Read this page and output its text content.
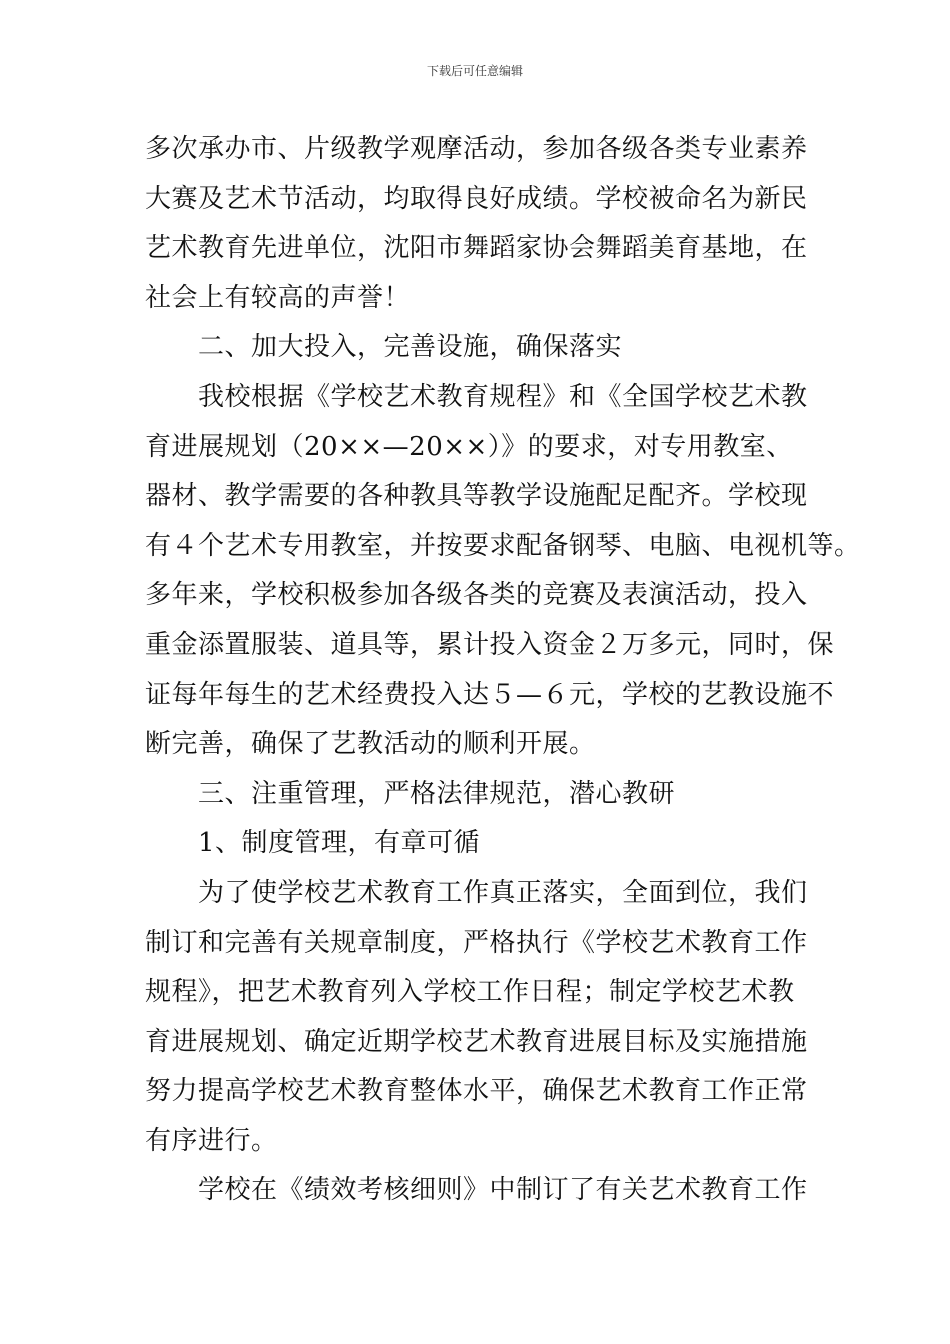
下载后可任意编辑

多次承办市、片级教学观摩活动，参加各级各类专业素养

大赛及艺术节活动，均取得良好成绩。学校被命名为新民

艺术教育先进单位，沈阳市舞蹈家协会舞蹈美育基地，在

社会上有较高的声誉！

二、加大投入，完善设施，确保落实

我校根据《学校艺术教育规程》和《全国学校艺术教

育进展规划（20××—20××）》的要求，对专用教室、

器材、教学需要的各种教具等教学设施配足配齐。学校现

有４个艺术专用教室，并按要求配备钢琴、电脑、电视机等。

多年来，学校积极参加各级各类的竞赛及表演活动，投入

重金添置服装、道具等，累计投入资金２万多元，同时，保

证每年每生的艺术经费投入达５—６元，学校的艺教设施不

断完善，确保了艺教活动的顺利开展。

三、注重管理，严格法律规范，潜心教研

1、制度管理，有章可循

为了使学校艺术教育工作真正落实，全面到位，我们

制订和完善有关规章制度，严格执行《学校艺术教育工作

规程》，把艺术教育列入学校工作日程；制定学校艺术教

育进展规划、确定近期学校艺术教育进展目标及实施措施

努力提高学校艺术教育整体水平，确保艺术教育工作正常

有序进行。

学校在《绩效考核细则》中制订了有关艺术教育工作
